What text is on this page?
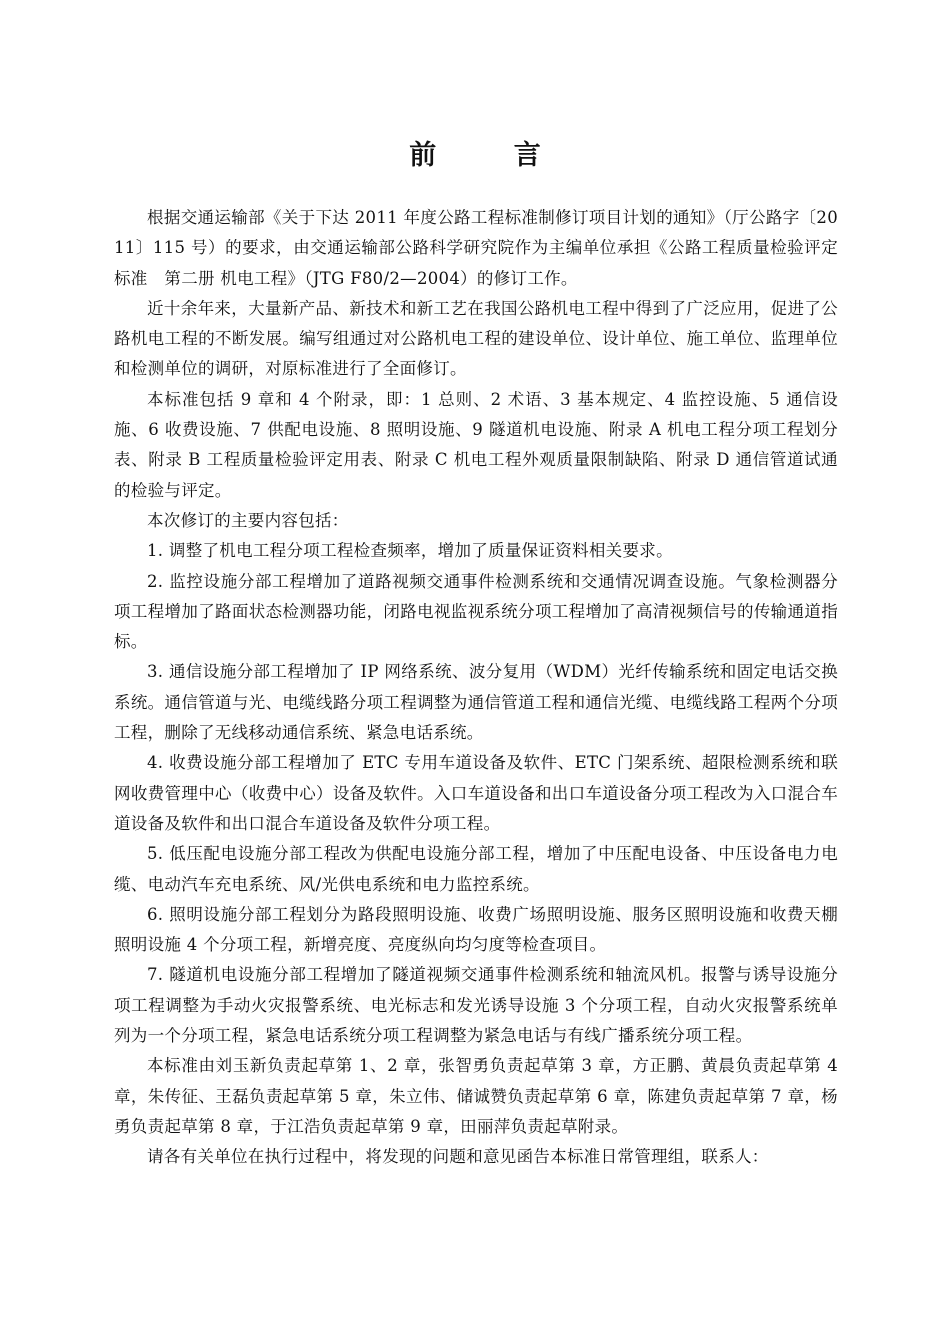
前 言

根据交通运输部《关于下达 2011 年度公路工程标准制修订项目计划的通知》（厅公路字〔2011〕115 号）的要求，由交通运输部公路科学研究院作为主编单位承担《公路工程质量检验评定标准　第二册 机电工程》（JTG F80/2—2004）的修订工作。

近十余年来，大量新产品、新技术和新工艺在我国公路机电工程中得到了广泛应用，促进了公路机电工程的不断发展。编写组通过对公路机电工程的建设单位、设计单位、施工单位、监理单位和检测单位的调研，对原标准进行了全面修订。

本标准包括 9 章和 4 个附录，即：1 总则、2 术语、3 基本规定、4 监控设施、5 通信设施、6 收费设施、7 供配电设施、8 照明设施、9 隧道机电设施、附录 A 机电工程分项工程划分表、附录 B 工程质量检验评定用表、附录 C 机电工程外观质量限制缺陷、附录 D 通信管道试通的检验与评定。

本次修订的主要内容包括：

1. 调整了机电工程分项工程检查频率，增加了质量保证资料相关要求。

2. 监控设施分部工程增加了道路视频交通事件检测系统和交通情况调查设施。气象检测器分项工程增加了路面状态检测器功能，闭路电视监视系统分项工程增加了高清视频信号的传输通道指标。

3. 通信设施分部工程增加了 IP 网络系统、波分复用（WDM）光纤传输系统和固定电话交换系统。通信管道与光、电缆线路分项工程调整为通信管道工程和通信光缆、电缆线路工程两个分项工程，删除了无线移动通信系统、紧急电话系统。

4. 收费设施分部工程增加了 ETC 专用车道设备及软件、ETC 门架系统、超限检测系统和联网收费管理中心（收费中心）设备及软件。入口车道设备和出口车道设备分项工程改为入口混合车道设备及软件和出口混合车道设备及软件分项工程。

5. 低压配电设施分部工程改为供配电设施分部工程，增加了中压配电设备、中压设备电力电缆、电动汽车充电系统、风/光供电系统和电力监控系统。

6. 照明设施分部工程划分为路段照明设施、收费广场照明设施、服务区照明设施和收费天棚照明设施 4 个分项工程，新增亮度、亮度纵向均匀度等检查项目。

7. 隧道机电设施分部工程增加了隧道视频交通事件检测系统和轴流风机。报警与诱导设施分项工程调整为手动火灾报警系统、电光标志和发光诱导设施 3 个分项工程，自动火灾报警系统单列为一个分项工程，紧急电话系统分项工程调整为紧急电话与有线广播系统分项工程。

本标准由刘玉新负责起草第 1、2 章，张智勇负责起草第 3 章，方正鹏、黄晨负责起草第 4 章，朱传征、王磊负责起草第 5 章，朱立伟、储诚赞负责起草第 6 章，陈建负责起草第 7 章，杨勇负责起草第 8 章，于江浩负责起草第 9 章，田丽萍负责起草附录。

请各有关单位在执行过程中，将发现的问题和意见函告本标准日常管理组，联系人：
